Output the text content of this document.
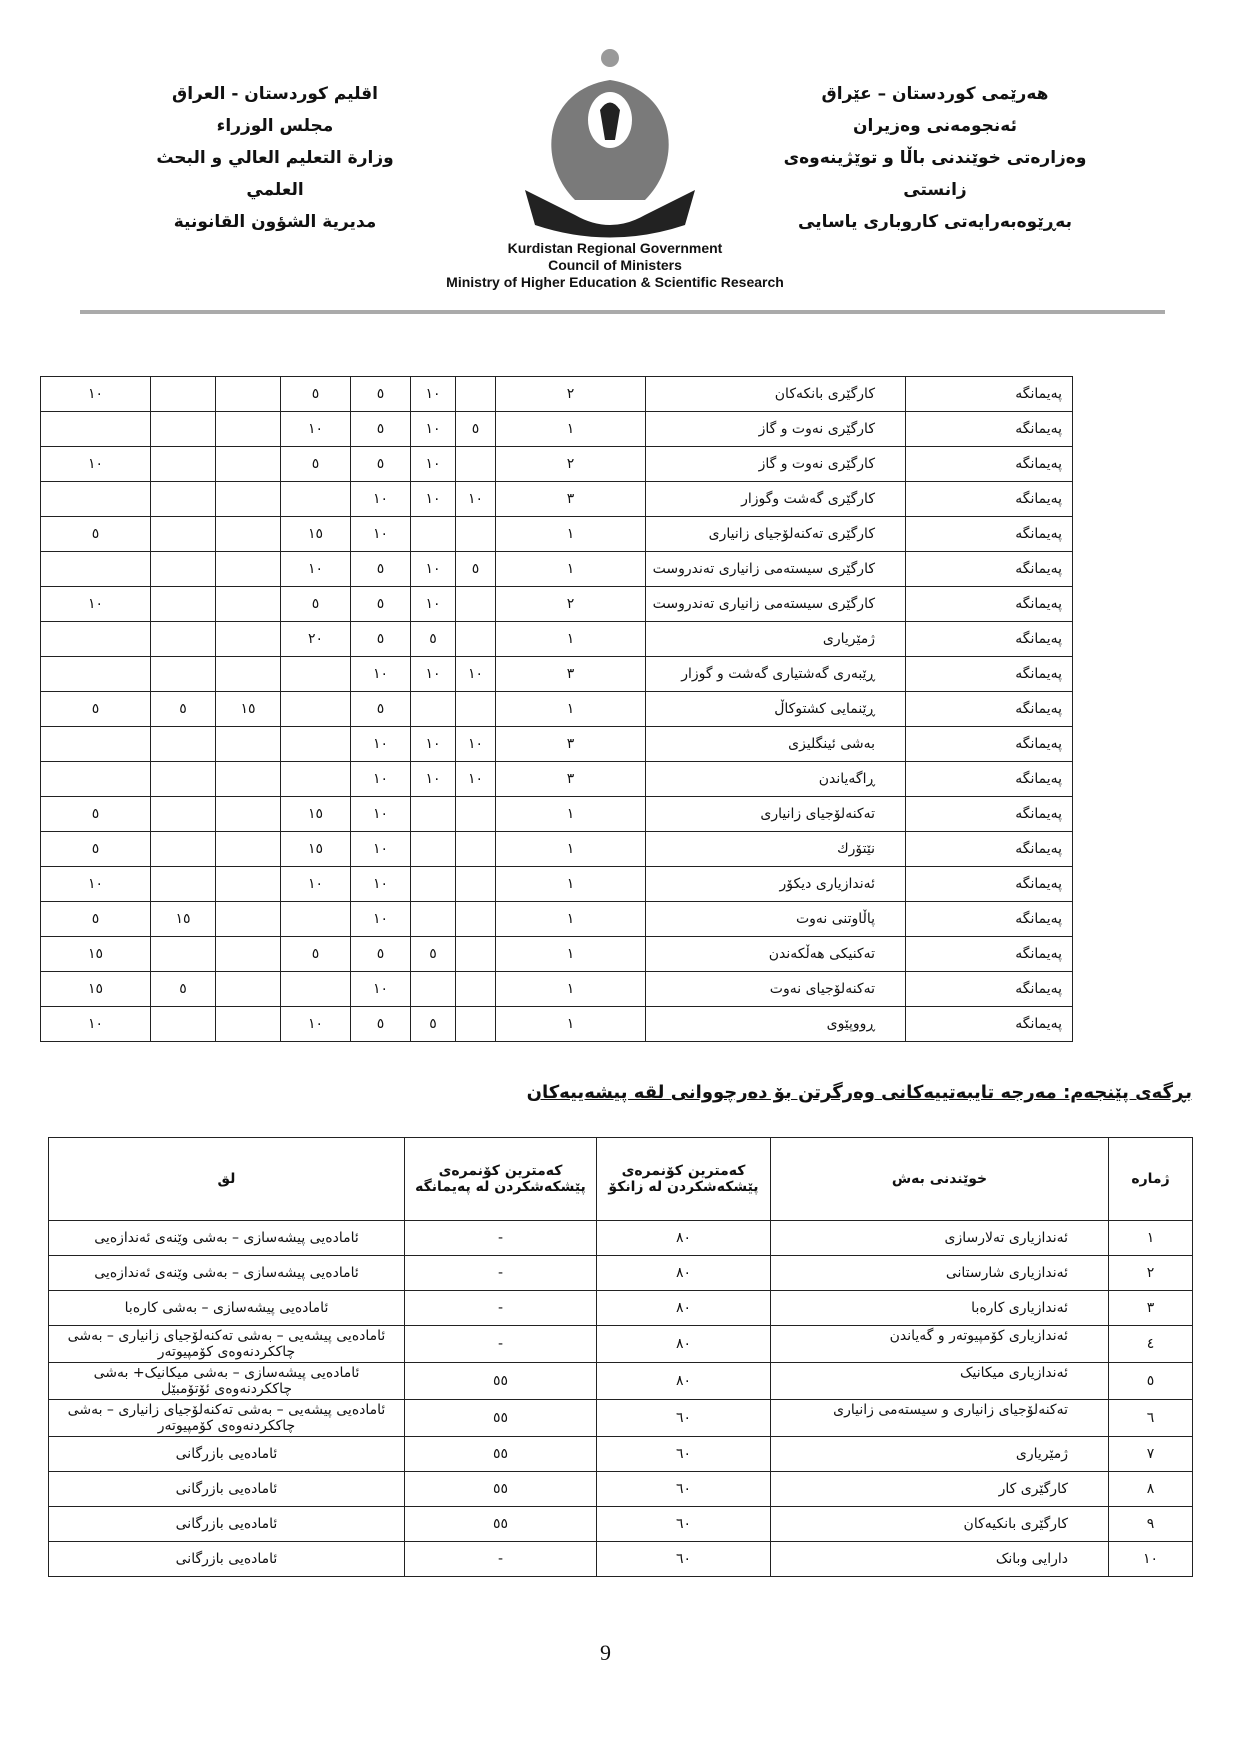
اقليم كوردستان - العراق
مجلس الوزراء
وزارة التعليم العالي و البحث العلمي
مديرية الشؤون القانونية
هەرێمی کوردستان – عێراق
ئەنجومەنی وەزیران
وەزارەتی خوێندنی باڵا و توێژینەوەی زانستی
بەڕێوەبەرایەتی کاروباری یاسایی
Kurdistan Regional Government
Council of Ministers
Ministry of Higher Education & Scientific Research
پەیمانگە	کارگێری بانکەکان	٢		١٠	٥	٥			١٠
پەیمانگە	کارگێری نەوت و گاز	١	٥	١٠	٥	١٠			
پەیمانگە	کارگێری نەوت و گاز	٢		١٠	٥	٥			١٠
پەیمانگە	کارگێری گەشت وگوزار	٣	١٠	١٠	١٠				
پەیمانگە	کارگێری تەکنەلۆجیای زانیاری	١			١٠	١٥			٥
پەیمانگە	کارگێری سیستەمی زانیاری تەندروست	١	٥	١٠	٥	١٠			
پەیمانگە	کارگێری سیستەمی زانیاری تەندروست	٢		١٠	٥	٥			١٠
پەیمانگە	ژمێریاری	١		٥	٥	٢٠			
پەیمانگە	ڕێبەری گەشتیاری گەشت و گوزار	٣	١٠	١٠	١٠				
پەیمانگە	ڕێنمایی کشتوکاڵ	١			٥		١٥	٥	٥
پەیمانگە	بەشی ئینگلیزی	٣	١٠	١٠	١٠				
پەیمانگە	ڕاگەیاندن	٣	١٠	١٠	١٠				
پەیمانگە	تەکنەلۆجیای زانیاری	١			١٠	١٥			٥
پەیمانگە	نێتۆرك	١			١٠	١٥			٥
پەیمانگە	ئەندازیاری دیکۆر	١			١٠	١٠			١٠
پەیمانگە	پاڵاوتنی نەوت	١			١٠			١٥	٥
پەیمانگە	تەکنیکی هەڵکەندن	١		٥	٥	٥			١٥
پەیمانگە	تەکنەلۆجیای نەوت	١			١٠			٥	١٥
پەیمانگە	ڕووپێوی	١		٥	٥	١٠			١٠
بڕگەی پێنجەم: مەرجە تایبەتییەکانی وەرگرتن بۆ دەرچووانی لقە پیشەییەکان
ژمارە	خوێندنی بەش	کەمترین کۆنمرەی پێشکەشکردن لە زانکۆ	کەمترین کۆنمرەی پێشکەشکردن لە پەیمانگە	لق
١	ئەندازیاری تەلارسازی	٨٠	-	ئامادەیی پیشەسازی – بەشی وێنەی ئەندازەیی
٢	ئەندازیاری شارستانی	٨٠	-	ئامادەیی پیشەسازی – بەشی وێنەی ئەندازەیی
٣	ئەندازیاری کارەبا	٨٠	-	ئامادەیی پیشەسازی – بەشی کارەبا
٤	ئەندازیاری کۆمپیوتەر و گەیاندن	٨٠	-	ئامادەیی پیشەیی – بەشی تەکنەلۆجیای زانیاری – بەشی چاککردنەوەی کۆمپیوتەر
٥	ئەندازیاری میکانیک	٨٠	٥٥	ئامادەیی پیشەسازی – بەشی میکانیک+ بەشی چاککردنەوەی ئۆتۆمبێل
٦	تەکنەلۆجیای زانیاری و سیستەمی زانیاری	٦٠	٥٥	ئامادەیی پیشەیی – بەشی تەکنەلۆجیای زانیاری – بەشی چاککردنەوەی کۆمپیوتەر
٧	ژمێریاری	٦٠	٥٥	ئامادەیی بازرگانی
٨	کارگێری کار	٦٠	٥٥	ئامادەیی بازرگانی
٩	کارگێری بانکیەکان	٦٠	٥٥	ئامادەیی بازرگانی
١٠	دارایی وبانک	٦٠	-	ئامادەیی بازرگانی
9
